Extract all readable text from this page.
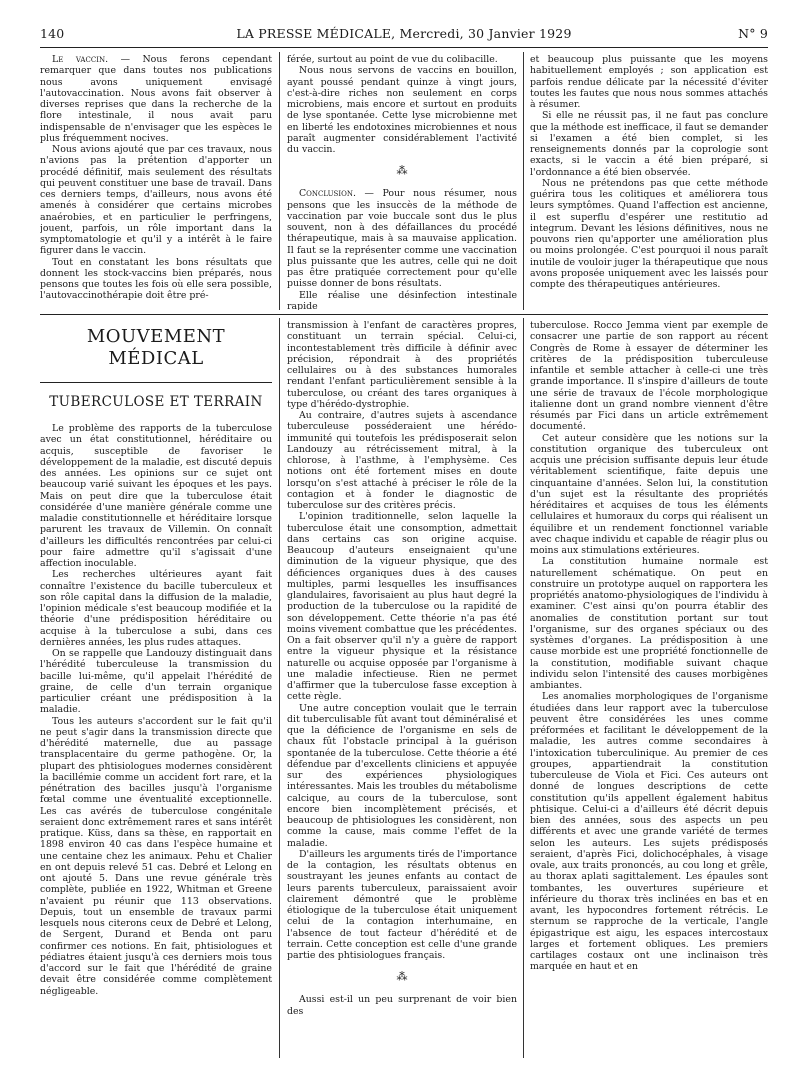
140	LA PRESSE MÉDICALE, Mercredi, 30 Janvier 1929	N° 9

Le vaccin. — Nous ferons cependant remarquer que dans toutes nos publications nous avons uniquement envisagé l'autovaccination. Nous avons fait observer à diverses reprises que dans la recherche de la flore intestinale, il nous avait paru indispensable de n'envisager que les espèces le plus fréquemment nocives.

Nous avions ajouté que par ces travaux, nous n'avions pas la prétention d'apporter un procédé définitif, mais seulement des résultats qui peuvent constituer une base de travail. Dans ces derniers temps, d'ailleurs, nous avons été amenés à considérer que certains microbes anaérobies, et en particulier le perfringens, jouent, parfois, un rôle important dans la symptomatologie et qu'il y a intérêt à le faire figurer dans le vaccin.

Tout en constatant les bons résultats que donnent les stock-vaccins bien préparés, nous pensons que toutes les fois où elle sera possible, l'autovaccinothérapie doit être pré-

férée, surtout au point de vue du colibacille.

Nous nous servons de vaccins en bouillon, ayant poussé pendant quinze à vingt jours, c'est-à-dire riches non seulement en corps microbiens, mais encore et surtout en produits de lyse spontanée. Cette lyse microbienne met en liberté les endotoxines microbiennes et nous paraît augmenter considérablement l'activité du vaccin.

⁂

Conclusion. — Pour nous résumer, nous pensons que les insuccès de la méthode de vaccination par voie buccale sont dus le plus souvent, non à des défaillances du procédé thérapeutique, mais à sa mauvaise application. Il faut se la représenter comme une vaccination plus puissante que les autres, celle qui ne doit pas être pratiquée correctement pour qu'elle puisse donner de bons résultats.

Elle réalise une désinfection intestinale rapide

et beaucoup plus puissante que les moyens habituellement employés ; son application est parfois rendue délicate par la nécessité d'éviter toutes les fautes que nous nous sommes attachés à résumer.

Si elle ne réussit pas, il ne faut pas conclure que la méthode est inefficace, il faut se demander si l'examen a été bien complet, si les renseignements donnés par la coprologie sont exacts, si le vaccin a été bien préparé, si l'ordonnance a été bien observée.

Nous ne prétendons pas que cette méthode guérira tous les colitiques et améliorera tous leurs symptômes. Quand l'affection est ancienne, il est superflu d'espérer une restitutio ad integrum. Devant les lésions définitives, nous ne pouvons rien qu'apporter une amélioration plus ou moins prolongée. C'est pourquoi il nous paraît inutile de vouloir juger la thérapeutique que nous avons proposée uniquement avec les laissés pour compte des thérapeutiques antérieures.

MOUVEMENT MÉDICAL
TUBERCULOSE ET TERRAIN

Le problème des rapports de la tuberculose avec un état constitutionnel, héréditaire ou acquis, susceptible de favoriser le développement de la maladie, est discuté depuis des années. Les opinions sur ce sujet ont beaucoup varié suivant les époques et les pays. Mais on peut dire que la tuberculose était considérée d'une manière générale comme une maladie constitutionnelle et héréditaire lorsque parurent les travaux de Villemin. On connaît d'ailleurs les difficultés rencontrées par celui-ci pour faire admettre qu'il s'agissait d'une affection inoculable.

Les recherches ultérieures ayant fait connaître l'existence du bacille tuberculeux et son rôle capital dans la diffusion de la maladie, l'opinion médicale s'est beaucoup modifiée et la théorie d'une prédisposition héréditaire ou acquise à la tuberculose a subi, dans ces dernières années, les plus rudes attaques.

On se rappelle que Landouzy distinguait dans l'hérédité tuberculeuse la transmission du bacille lui-même, qu'il appelait l'hérédité de graine, de celle d'un terrain organique particulier créant une prédisposition à la maladie.

Tous les auteurs s'accordent sur le fait qu'il ne peut s'agir dans la transmission directe que d'hérédité maternelle, due au passage transplacentaire du germe pathogène. Or, la plupart des phtisiologues modernes considèrent la bacillémie comme un accident fort rare, et la pénétration des bacilles jusqu'à l'organisme fœtal comme une éventualité exceptionnelle. Les cas avérés de tuberculose congénitale seraient donc extrêmement rares et sans intérêt pratique. Küss, dans sa thèse, en rapportait en 1898 environ 40 cas dans l'espèce humaine et une centaine chez les animaux. Pehu et Chalier en ont depuis relevé 51 cas. Debré et Lelong en ont ajouté 5. Dans une revue générale très complète, publiée en 1922, Whitman et Greene n'avaient pu réunir que 113 observations. Depuis, tout un ensemble de travaux parmi lesquels nous citerons ceux de Debré et Lelong, de Sergent, Durand et Benda ont paru confirmer ces notions. En fait, phtisiologues et pédiatres étaient jusqu'à ces derniers mois tous d'accord sur le fait que l'hérédité de graine devait être considérée comme complètement négligeable.

transmission à l'enfant de caractères propres, constituant un terrain spécial. Celui-ci, incontestablement très difficile à définir avec précision, répondrait à des propriétés cellulaires ou à des substances humorales rendant l'enfant particulièrement sensible à la tuberculose, ou créant des tares organiques à type d'hérédo-dystrophie.

Au contraire, d'autres sujets à ascendance tuberculeuse posséderaient une hérédo-immunité qui toutefois les prédisposerait selon Landouzy au rétrécissement mitral, à la chlorose, à l'asthme, à l'emphysème. Ces notions ont été fortement mises en doute lorsqu'on s'est attaché à préciser le rôle de la contagion et à fonder le diagnostic de tuberculose sur des critères précis.

L'opinion traditionnelle, selon laquelle la tuberculose était une consomption, admettait dans certains cas son origine acquise. Beaucoup d'auteurs enseignaient qu'une diminution de la vigueur physique, que des déficiences organiques dues à des causes multiples, parmi lesquelles les insuffisances glandulaires, favorisaient au plus haut degré la production de la tuberculose ou la rapidité de son développement. Cette théorie n'a pas été moins vivement combattue que les précédentes. On a fait observer qu'il n'y a guère de rapport entre la vigueur physique et la résistance naturelle ou acquise opposée par l'organisme à une maladie infectieuse. Rien ne permet d'affirmer que la tuberculose fasse exception à cette règle.

Une autre conception voulait que le terrain dit tuberculisable fût avant tout déminéralisé et que la déficience de l'organisme en sels de chaux fût l'obstacle principal à la guérison spontanée de la tuberculose. Cette théorie a été défendue par d'excellents cliniciens et appuyée sur des expériences physiologiques intéressantes. Mais les troubles du métabolisme calcique, au cours de la tuberculose, sont encore bien incomplètement précisés, et beaucoup de phtisiologues les considèrent, non comme la cause, mais comme l'effet de la maladie.

D'ailleurs les arguments tirés de l'importance de la contagion, les résultats obtenus en soustrayant les jeunes enfants au contact de leurs parents tuberculeux, paraissaient avoir clairement démontré que le problème étiologique de la tuberculose était uniquement celui de la contagion interhumaine, en l'absence de tout facteur d'hérédité et de terrain. Cette conception est celle d'une grande partie des phtisiologues français.

⁂

Aussi est-il un peu surprenant de voir bien des

tuberculose. Rocco Jemma vient par exemple de consacrer une partie de son rapport au récent Congrès de Rome à essayer de déterminer les critères de la prédisposition tuberculeuse infantile et semble attacher à celle-ci une très grande importance. Il s'inspire d'ailleurs de toute une série de travaux de l'école morphologique italienne dont un grand nombre viennent d'être résumés par Fici dans un article extrêmement documenté.

Cet auteur considère que les notions sur la constitution organique des tuberculeux ont acquis une précision suffisante depuis leur étude véritablement scientifique, faite depuis une cinquantaine d'années. Selon lui, la constitution d'un sujet est la résultante des propriétés héréditaires et acquises de tous les éléments cellulaires et humoraux du corps qui réalisent un équilibre et un rendement fonctionnel variable avec chaque individu et capable de réagir plus ou moins aux stimulations extérieures.

La constitution humaine normale est naturellement schématique. On peut en construire un prototype auquel on rapportera les propriétés anatomo-physiologiques de l'individu à examiner. C'est ainsi qu'on pourra établir des anomalies de constitution portant sur tout l'organisme, sur des organes spéciaux ou des systèmes d'organes. La prédisposition à une cause morbide est une propriété fonctionnelle de la constitution, modifiable suivant chaque individu selon l'intensité des causes morbigènes ambiantes.

Les anomalies morphologiques de l'organisme étudiées dans leur rapport avec la tuberculose peuvent être considérées les unes comme préformées et facilitant le développement de la maladie, les autres comme secondaires à l'intoxication tuberculinique. Au premier de ces groupes, appartiendrait la constitution tuberculeuse de Viola et Fici. Ces auteurs ont donné de longues descriptions de cette constitution qu'ils appellent également habitus phtisique. Celui-ci a d'ailleurs été décrit depuis bien des années, sous des aspects un peu différents et avec une grande variété de termes selon les auteurs. Les sujets prédisposés seraient, d'après Fici, dolichocéphales, à visage ovale, aux traits prononcés, au cou long et grêle, au thorax aplati sagittalement. Les épaules sont tombantes, les ouvertures supérieure et inférieure du thorax très inclinées en bas et en avant, les hypocondres fortement rétrécis. Le sternum se rapproche de la verticale, l'angle épigastrique est aigu, les espaces intercostaux larges et fortement obliques. Les premiers cartilages costaux ont une inclinaison très marquée en haut et en
